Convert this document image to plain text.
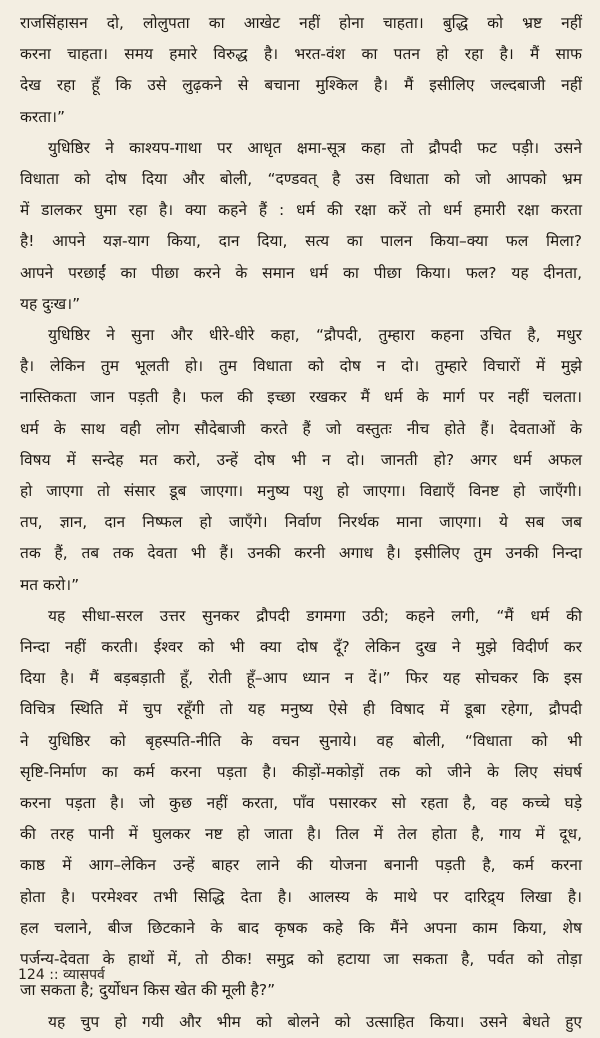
राजसिंहासन दो, लोलुपता का आखेट नहीं होना चाहता। बुद्धि को भ्रष्ट नहीं
करना चाहता। समय हमारे विरुद्ध है। भरत-वंश का पतन हो रहा है। मैं साफ
देख रहा हूँ कि उसे लुढ़कने से बचाना मुश्किल है। मैं इसीलिए जल्दबाजी नहीं
करता।”
युधिष्ठिर ने काश्यप-गाथा पर आधृत क्षमा-सूत्र कहा तो द्रौपदी फट पड़ी। उसने
विधाता को दोष दिया और बोली, “दण्डवत् है उस विधाता को जो आपको भ्रम
में डालकर घुमा रहा है। क्या कहने हैं : धर्म की रक्षा करें तो धर्म हमारी रक्षा करता
है! आपने यज्ञ-याग किया, दान दिया, सत्य का पालन किया–क्या फल मिला?
आपने परछाईं का पीछा करने के समान धर्म का पीछा किया। फल? यह दीनता,
यह दुःख।”
युधिष्ठिर ने सुना और धीरे-धीरे कहा, “द्रौपदी, तुम्हारा कहना उचित है, मधुर
है। लेकिन तुम भूलती हो। तुम विधाता को दोष न दो। तुम्हारे विचारों में मुझे
नास्तिकता जान पड़ती है। फल की इच्छा रखकर मैं धर्म के मार्ग पर नहीं चलता।
धर्म के साथ वही लोग सौदेबाजी करते हैं जो वस्तुतः नीच होते हैं। देवताओं के
विषय में सन्देह मत करो, उन्हें दोष भी न दो। जानती हो? अगर धर्म अफल
हो जाएगा तो संसार डूब जाएगा। मनुष्य पशु हो जाएगा। विद्याएँ विनष्ट हो जाएँगी।
तप, ज्ञान, दान निष्फल हो जाएँगे। निर्वाण निरर्थक माना जाएगा। ये सब जब
तक हैं, तब तक देवता भी हैं। उनकी करनी अगाध है। इसीलिए तुम उनकी निन्दा
मत करो।”
यह सीधा-सरल उत्तर सुनकर द्रौपदी डगमगा उठी; कहने लगी, “मैं धर्म की
निन्दा नहीं करती। ईश्वर को भी क्या दोष दूँ? लेकिन दुख ने मुझे विदीर्ण कर
दिया है। मैं बड़बड़ाती हूँ, रोती हूँ–आप ध्यान न दें।” फिर यह सोचकर कि इस
विचित्र स्थिति में चुप रहूँगी तो यह मनुष्य ऐसे ही विषाद में डूबा रहेगा, द्रौपदी
ने युधिष्ठिर को बृहस्पति-नीति के वचन सुनाये। वह बोली, “विधाता को भी
सृष्टि-निर्माण का कर्म करना पड़ता है। कीड़ों-मकोड़ों तक को जीने के लिए संघर्ष
करना पड़ता है। जो कुछ नहीं करता, पाँव पसारकर सो रहता है, वह कच्चे घड़े
की तरह पानी में घुलकर नष्ट हो जाता है। तिल में तेल होता है, गाय में दूध,
काष्ठ में आग–लेकिन उन्हें बाहर लाने की योजना बनानी पड़ती है, कर्म करना
होता है। परमेश्वर तभी सिद्धि देता है। आलस्य के माथे पर दारिद्र्य लिखा है।
हल चलाने, बीज छिटकाने के बाद कृषक कहे कि मैंने अपना काम किया, शेष
पर्जन्य-देवता के हाथों में, तो ठीक! समुद्र को हटाया जा सकता है, पर्वत को तोड़ा
जा सकता है; दुर्योधन किस खेत की मूली है?”
यह चुप हो गयी और भीम को बोलने को उत्साहित किया। उसने बेधते हुए
124 :: व्यासपर्व
